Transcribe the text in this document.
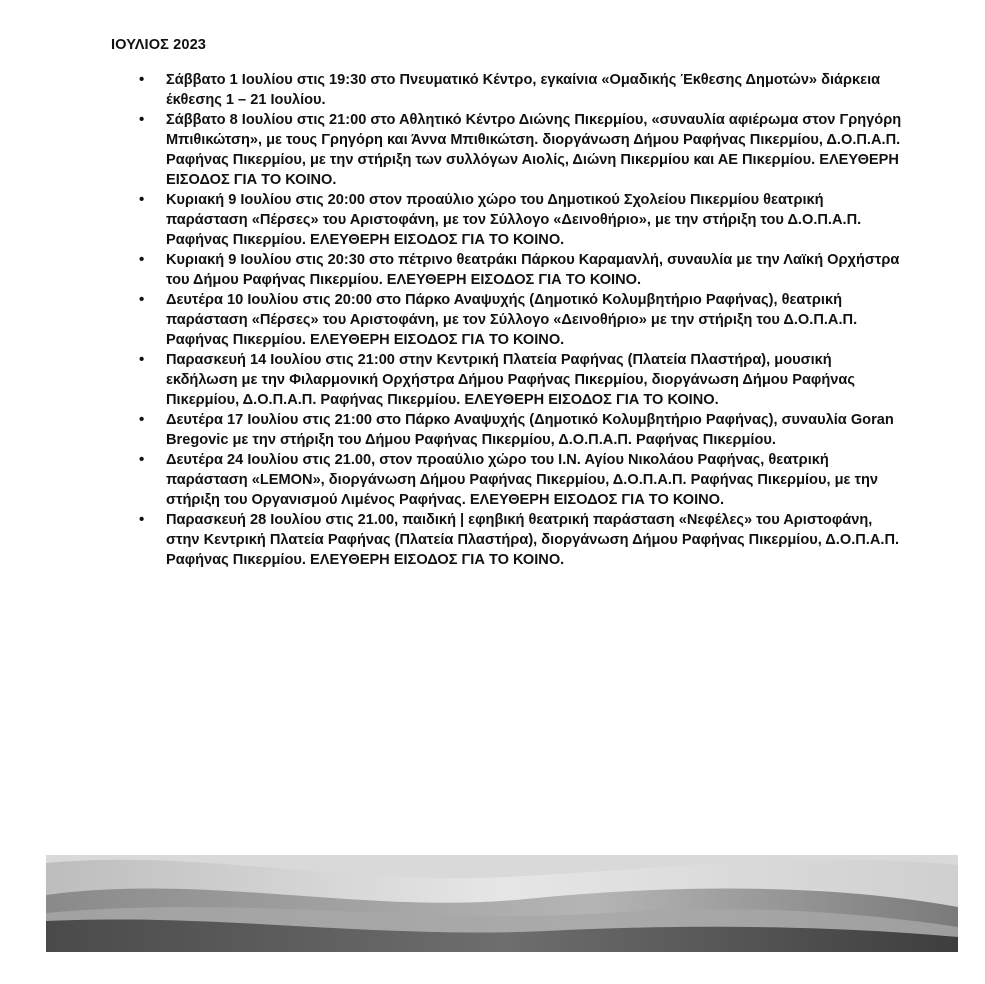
ΙΟΥΛΙΟΣ 2023
• Σάββατο 1 Ιουλίου στις 19:30 στο Πνευματικό Κέντρο, εγκαίνια «Ομαδικής Έκθεσης Δημοτών» διάρκεια έκθεσης 1 – 21 Ιουλίου.
• Σάββατο 8 Ιουλίου στις 21:00 στο Αθλητικό Κέντρο Διώνης Πικερμίου, «συναυλία αφιέρωμα στον Γρηγόρη Μπιθικώτση», με τους Γρηγόρη και Άννα Μπιθικώτση. διοργάνωση Δήμου Ραφήνας Πικερμίου, Δ.Ο.Π.Α.Π. Ραφήνας Πικερμίου, με την στήριξη των συλλόγων Αιολίς, Διώνη Πικερμίου και ΑΕ Πικερμίου. ΕΛΕΥΘΕΡΗ ΕΙΣΟΔΟΣ ΓΙΑ ΤΟ ΚΟΙΝΟ.
• Κυριακή 9 Ιουλίου στις 20:00 στον προαύλιο χώρο του Δημοτικού Σχολείου Πικερμίου θεατρική παράσταση «Πέρσες» του Αριστοφάνη, με τον Σύλλογο «Δεινοθήριο», με την στήριξη του Δ.Ο.Π.Α.Π. Ραφήνας Πικερμίου. ΕΛΕΥΘΕΡΗ ΕΙΣΟΔΟΣ ΓΙΑ ΤΟ ΚΟΙΝΟ.
• Κυριακή 9 Ιουλίου στις 20:30 στο πέτρινο θεατράκι Πάρκου Καραμανλή, συναυλία με την Λαϊκή Ορχήστρα του Δήμου Ραφήνας Πικερμίου. ΕΛΕΥΘΕΡΗ ΕΙΣΟΔΟΣ ΓΙΑ ΤΟ ΚΟΙΝΟ.
• Δευτέρα 10 Ιουλίου στις 20:00 στο Πάρκο Αναψυχής (Δημοτικό Κολυμβητήριο Ραφήνας), θεατρική παράσταση «Πέρσες» του Αριστοφάνη, με τον Σύλλογο «Δεινοθήριο» με την στήριξη του Δ.Ο.Π.Α.Π. Ραφήνας Πικερμίου. ΕΛΕΥΘΕΡΗ ΕΙΣΟΔΟΣ ΓΙΑ ΤΟ ΚΟΙΝΟ.
• Παρασκευή 14 Ιουλίου στις 21:00 στην Κεντρική Πλατεία Ραφήνας (Πλατεία Πλαστήρα), μουσική εκδήλωση με την Φιλαρμονική Ορχήστρα Δήμου Ραφήνας Πικερμίου, διοργάνωση Δήμου Ραφήνας Πικερμίου, Δ.Ο.Π.Α.Π. Ραφήνας Πικερμίου. ΕΛΕΥΘΕΡΗ ΕΙΣΟΔΟΣ ΓΙΑ ΤΟ ΚΟΙΝΟ.
• Δευτέρα 17 Ιουλίου στις 21:00 στο Πάρκο Αναψυχής (Δημοτικό Κολυμβητήριο Ραφήνας), συναυλία Goran Bregovic με την στήριξη του Δήμου Ραφήνας Πικερμίου, Δ.Ο.Π.Α.Π. Ραφήνας Πικερμίου.
• Δευτέρα 24 Ιουλίου στις 21.00, στον προαύλιο χώρο του Ι.Ν. Αγίου Νικολάου Ραφήνας, θεατρική παράσταση «LEMON», διοργάνωση Δήμου Ραφήνας Πικερμίου, Δ.Ο.Π.Α.Π. Ραφήνας Πικερμίου, με την στήριξη του Οργανισμού Λιμένος Ραφήνας. ΕΛΕΥΘΕΡΗ ΕΙΣΟΔΟΣ ΓΙΑ ΤΟ ΚΟΙΝΟ.
• Παρασκευή 28 Ιουλίου στις 21.00, παιδική | εφηβική θεατρική παράσταση «Νεφέλες» του Αριστοφάνη, στην Κεντρική Πλατεία Ραφήνας (Πλατεία Πλαστήρα), διοργάνωση Δήμου Ραφήνας Πικερμίου, Δ.Ο.Π.Α.Π. Ραφήνας Πικερμίου. ΕΛΕΥΘΕΡΗ ΕΙΣΟΔΟΣ ΓΙΑ ΤΟ ΚΟΙΝΟ.
